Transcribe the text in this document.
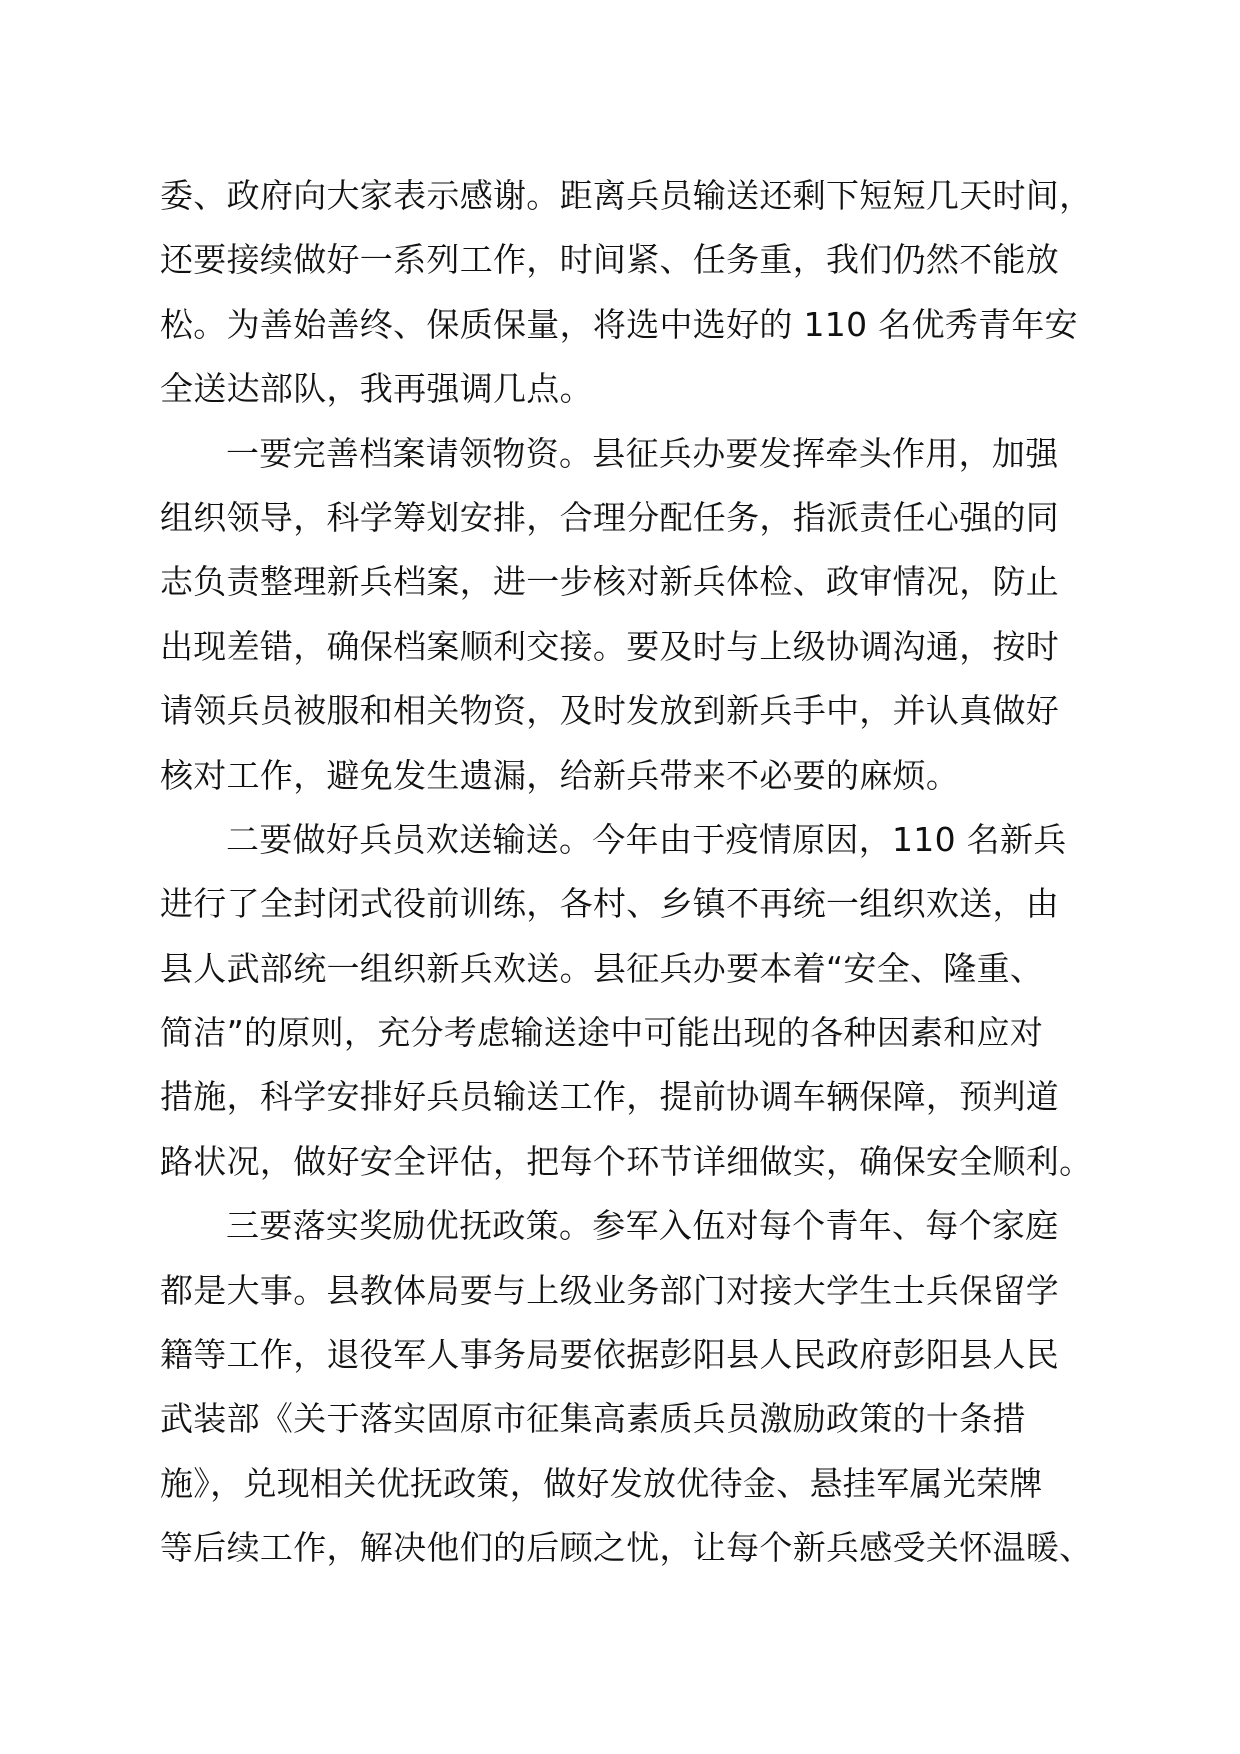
委、政府向大家表示感谢。距离兵员输送还剩下短短几天时间，
还要接续做好一系列工作，时间紧、任务重，我们仍然不能放
松。为善始善终、保质保量，将选中选好的 110 名优秀青年安
全送达部队，我再强调几点。
一要完善档案请领物资。县征兵办要发挥牵头作用，加强
组织领导，科学筹划安排，合理分配任务，指派责任心强的同
志负责整理新兵档案，进一步核对新兵体检、政审情况，防止
出现差错，确保档案顺利交接。要及时与上级协调沟通，按时
请领兵员被服和相关物资，及时发放到新兵手中，并认真做好
核对工作，避免发生遗漏，给新兵带来不必要的麻烦。
二要做好兵员欢送输送。今年由于疫情原因，110 名新兵
进行了全封闭式役前训练，各村、乡镇不再统一组织欢送，由
县人武部统一组织新兵欢送。县征兵办要本着“安全、隆重、
简洁”的原则，充分考虑输送途中可能出现的各种因素和应对
措施，科学安排好兵员输送工作，提前协调车辆保障，预判道
路状况，做好安全评估，把每个环节详细做实，确保安全顺利。
三要落实奖励优抚政策。参军入伍对每个青年、每个家庭
都是大事。县教体局要与上级业务部门对接大学生士兵保留学
籍等工作，退役军人事务局要依据彭阳县人民政府彭阳县人民
武装部《关于落实固原市征集高素质兵员激励政策的十条措
施》，兑现相关优抚政策，做好发放优待金、悬挂军属光荣牌
等后续工作，解决他们的后顾之忧，让每个新兵感受关怀温暖、
